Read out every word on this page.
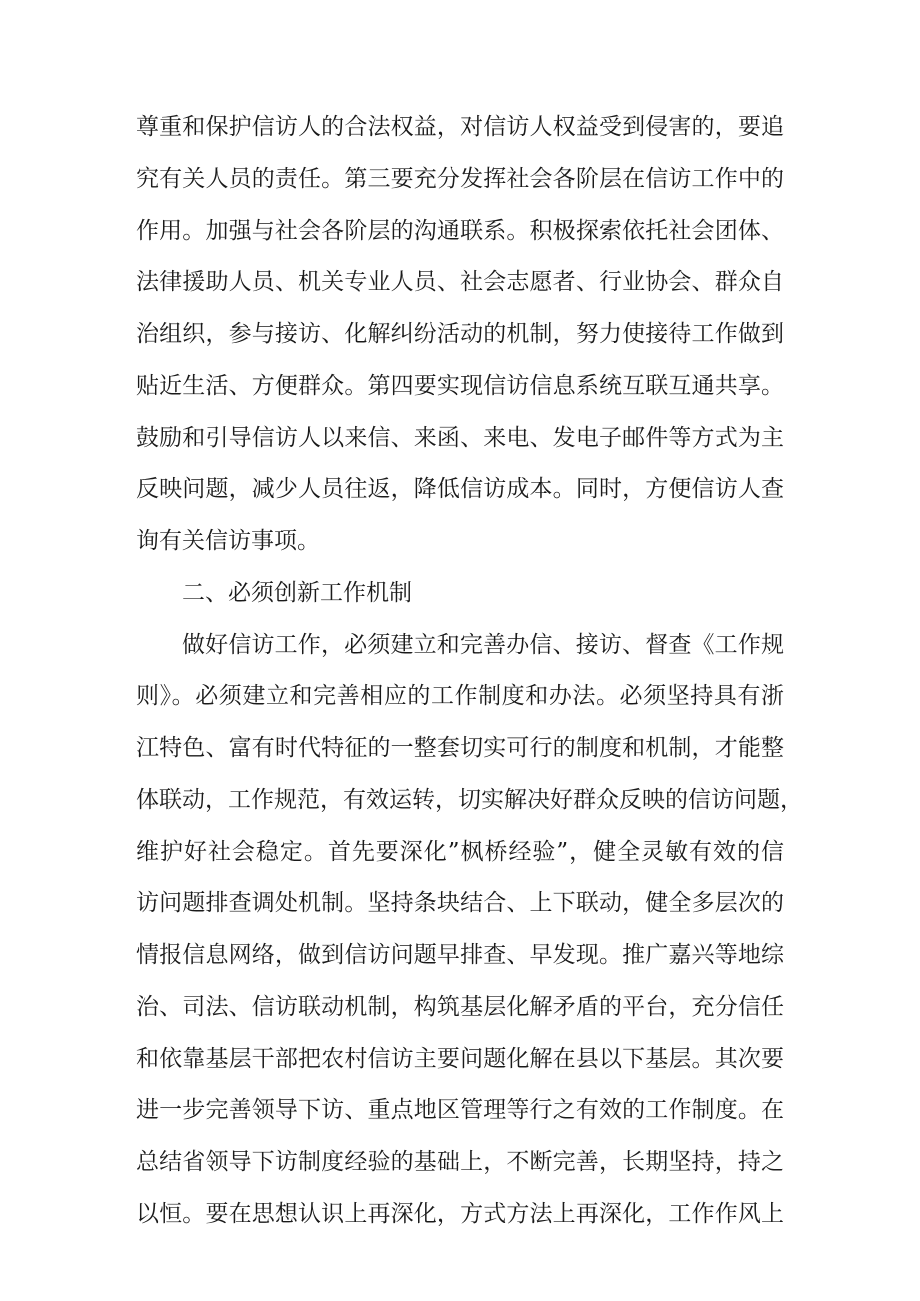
尊重和保护信访人的合法权益，对信访人权益受到侵害的，要追
究有关人员的责任。第三要充分发挥社会各阶层在信访工作中的
作用。加强与社会各阶层的沟通联系。积极探索依托社会团体、
法律援助人员、机关专业人员、社会志愿者、行业协会、群众自
治组织，参与接访、化解纠纷活动的机制，努力使接待工作做到
贴近生活、方便群众。第四要实现信访信息系统互联互通共享。
鼓励和引导信访人以来信、来函、来电、发电子邮件等方式为主
反映问题，减少人员往返，降低信访成本。同时，方便信访人查
询有关信访事项。
二、必须创新工作机制
做好信访工作，必须建立和完善办信、接访、督查《工作规
则》。必须建立和完善相应的工作制度和办法。必须坚持具有浙
江特色、富有时代特征的一整套切实可行的制度和机制，才能整
体联动，工作规范，有效运转，切实解决好群众反映的信访问题，
维护好社会稳定。首先要深化”枫桥经验”，健全灵敏有效的信
访问题排查调处机制。坚持条块结合、上下联动，健全多层次的
情报信息网络，做到信访问题早排查、早发现。推广嘉兴等地综
治、司法、信访联动机制，构筑基层化解矛盾的平台，充分信任
和依靠基层干部把农村信访主要问题化解在县以下基层。其次要
进一步完善领导下访、重点地区管理等行之有效的工作制度。在
总结省领导下访制度经验的基础上，不断完善，长期坚持，持之
以恒。要在思想认识上再深化，方式方法上再深化，工作作风上
